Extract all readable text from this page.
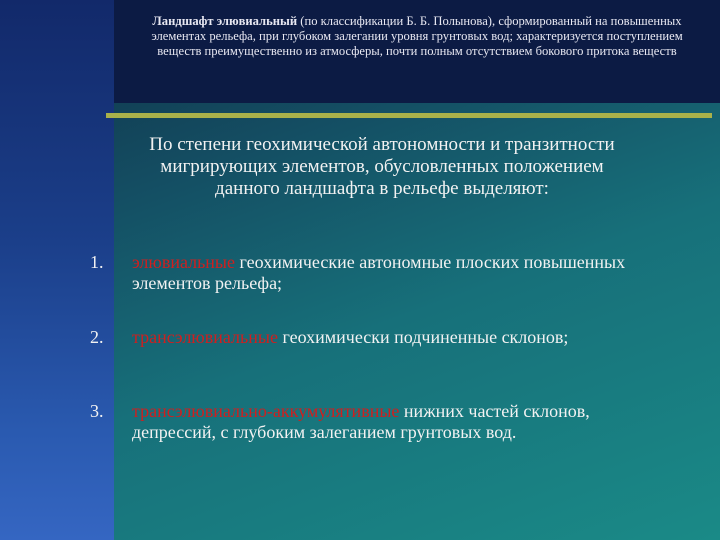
Ландшафт элювиальный (по классификации Б. Б. Полынова), сформированный на повышенных элементах рельефа, при глубоком залегании уровня грунтовых вод; характеризуется поступлением веществ преимущественно из атмосферы, почти полным отсутствием бокового притока веществ
По степени геохимической автономности и транзитности мигрирующих элементов, обусловленных положением данного ландшафта в рельефе выделяют:
1.	элювиальные геохимические автономные плоских повышенных элементов рельефа;
2.	трансэлювиальные геохимически подчиненные склонов;
3.	трансэлювиально-аккумулятивные нижних частей склонов, депрессий, с глубоким залеганием грунтовых вод.
